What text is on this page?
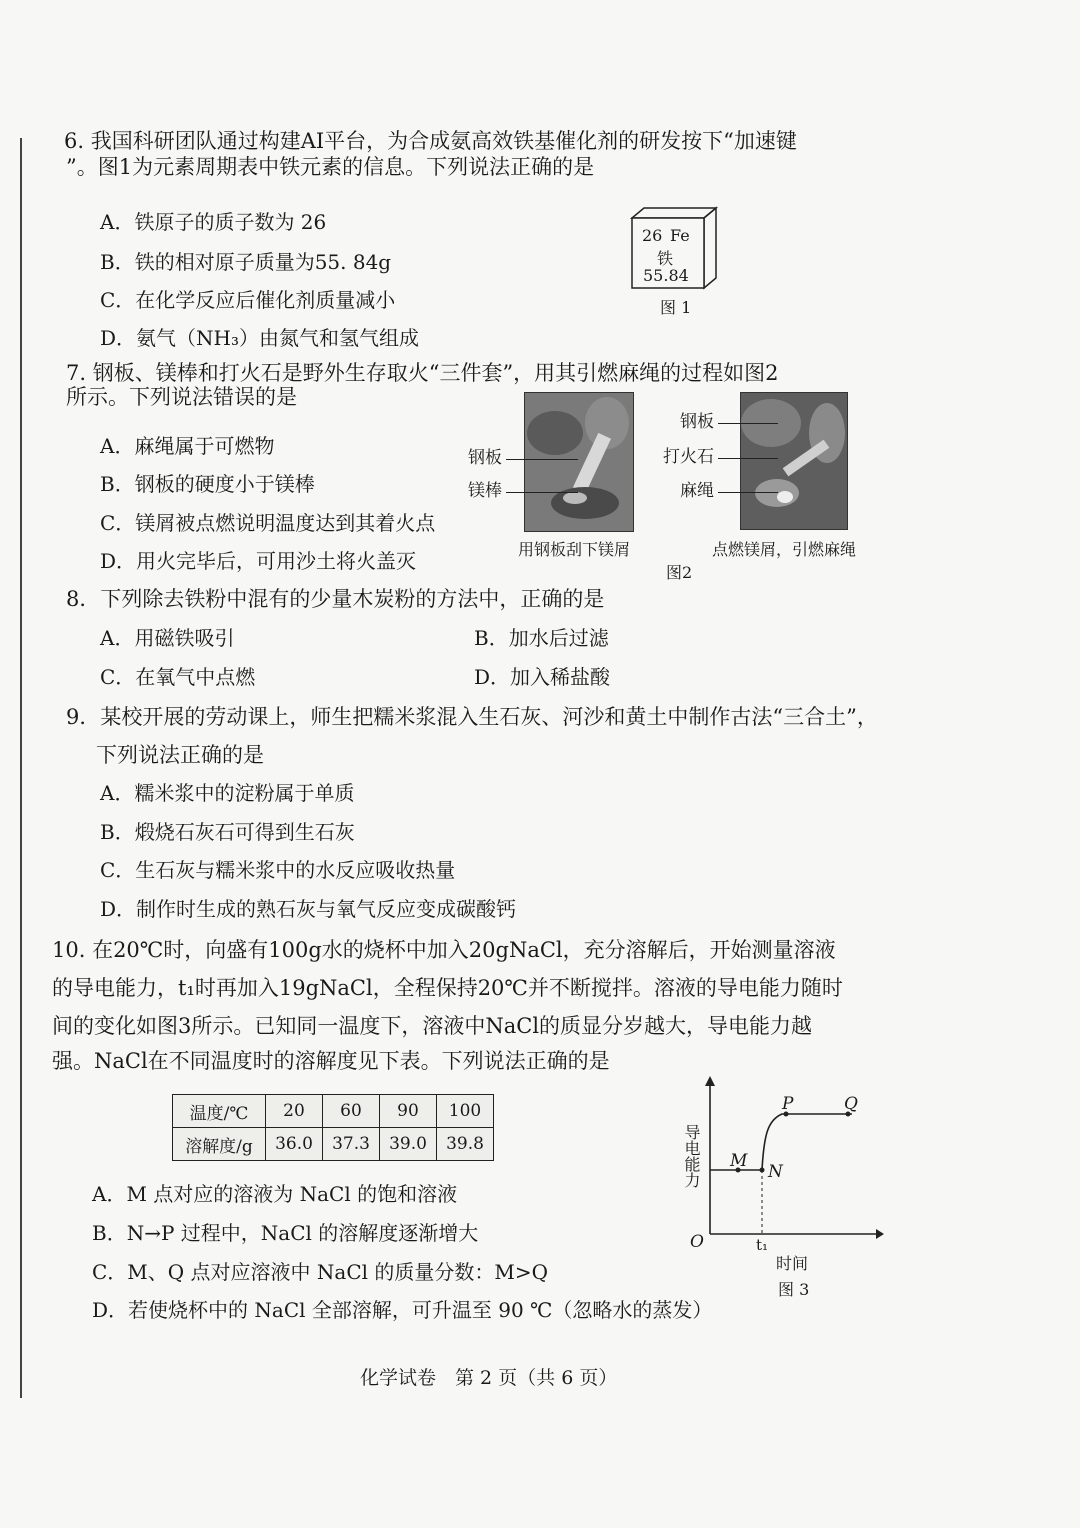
6. 我国科研团队通过构建AI平台，为合成氨高效铁基催化剂的研发按下“加速键
”。图1为元素周期表中铁元素的信息。下列说法正确的是
A．铁原子的质子数为 26
B．铁的相对原子质量为55. 84g
C．在化学反应后催化剂质量减小
D．氨气（NH₃）由氮气和氢气组成
26 Fe
铁
55.84
图 1
7. 钢板、镁棒和打火石是野外生存取火“三件套”，用其引燃麻绳的过程如图2
所示。下列说法错误的是
A．麻绳属于可燃物
B．钢板的硬度小于镁棒
C．镁屑被点燃说明温度达到其着火点
D．用火完毕后，可用沙土将火盖灭
钢板
镁棒
用钢板刮下镁屑
钢板
打火石
麻绳
点燃镁屑，引燃麻绳
图2
8．下列除去铁粉中混有的少量木炭粉的方法中，正确的是
A．用磁铁吸引	B．加水后过滤
C．在氧气中点燃	D．加入稀盐酸
9．某校开展的劳动课上，师生把糯米浆混入生石灰、河沙和黄土中制作古法“三合土”，
下列说法正确的是
A．糯米浆中的淀粉属于单质
B．煅烧石灰石可得到生石灰
C．生石灰与糯米浆中的水反应吸收热量
D．制作时生成的熟石灰与氧气反应变成碳酸钙
10. 在20℃时，向盛有100g水的烧杯中加入20gNaCl，充分溶解后，开始测量溶液
的导电能力，t₁时再加入19gNaCl，全程保持20℃并不断搅拌。溶液的导电能力随时
间的变化如图3所示。已知同一温度下，溶液中NaCl的质显分岁越大，导电能力越
强。NaCl在不同温度时的溶解度见下表。下列说法正确的是
温度/℃	20	60	90	100
溶解度/g	36.0	37.3	39.0	39.8
A．M 点对应的溶液为 NaCl 的饱和溶液
B．N→P 过程中，NaCl 的溶解度逐渐增大
C．M、Q 点对应溶液中 NaCl 的质量分数：M>Q
D．若使烧杯中的 NaCl 全部溶解，可升温至 90 ℃（忽略水的蒸发）
导电能力 M
N
P	Q
O	t₁
时间
图 3
化学试卷　第 2 页（共 6 页）
